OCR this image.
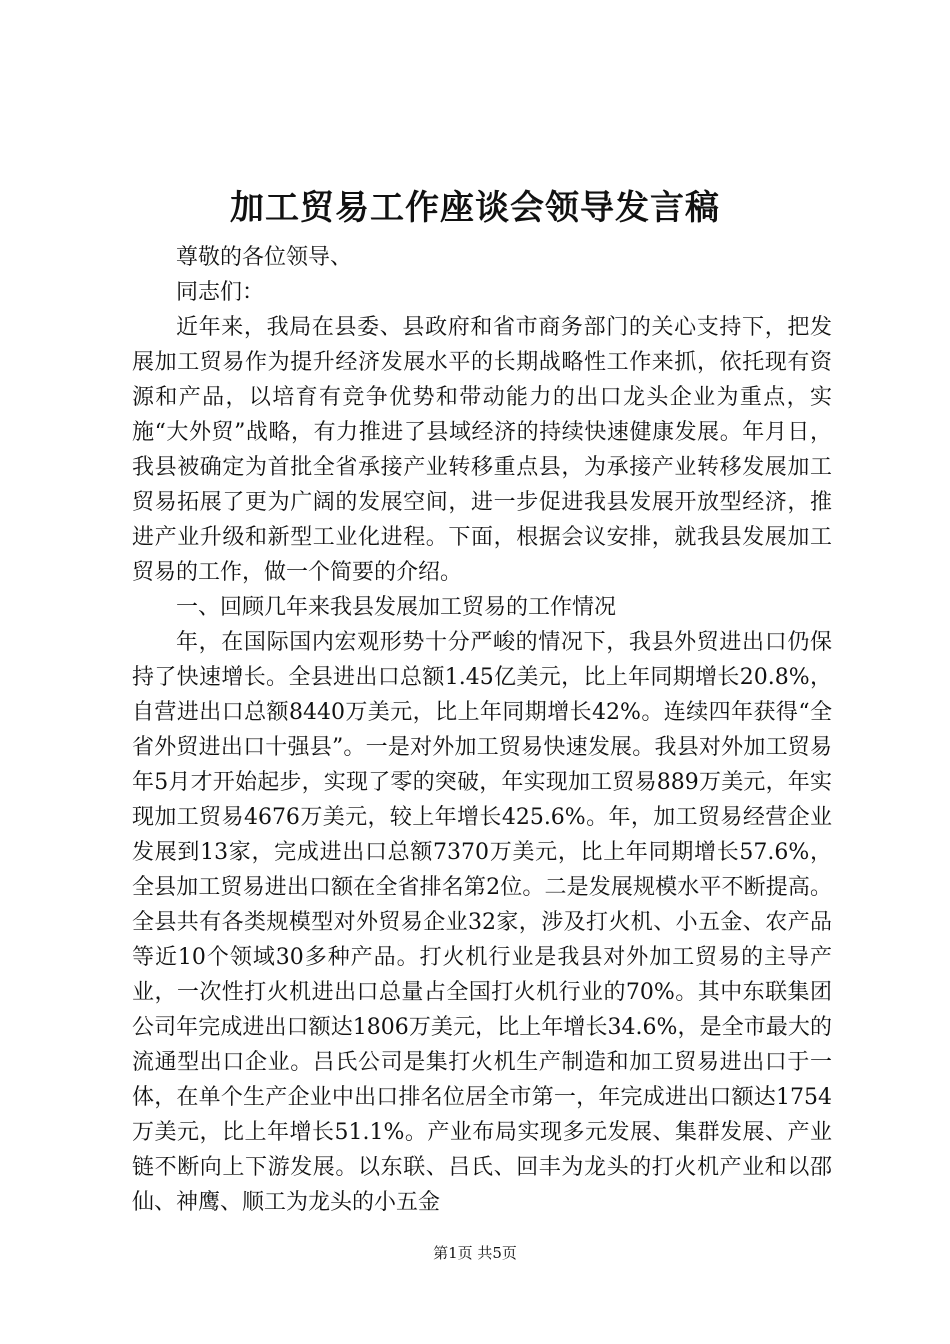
加工贸易工作座谈会领导发言稿

尊敬的各位领导、

同志们：

近年来，我局在县委、县政府和省市商务部门的关心支持下，把发展加工贸易作为提升经济发展水平的长期战略性工作来抓，依托现有资源和产品，以培育有竞争优势和带动能力的出口龙头企业为重点，实施“大外贸”战略，有力推进了县域经济的持续快速健康发展。年月日，我县被确定为首批全省承接产业转移重点县，为承接产业转移发展加工贸易拓展了更为广阔的发展空间，进一步促进我县发展开放型经济，推进产业升级和新型工业化进程。下面，根据会议安排，就我县发展加工贸易的工作，做一个简要的介绍。

一、回顾几年来我县发展加工贸易的工作情况

年，在国际国内宏观形势十分严峻的情况下，我县外贸进出口仍保持了快速增长。全县进出口总额1.45亿美元，比上年同期增长20.8%，自营进出口总额8440万美元，比上年同期增长42%。连续四年获得“全省外贸进出口十强县”。一是对外加工贸易快速发展。我县对外加工贸易年5月才开始起步，实现了零的突破，年实现加工贸易889万美元，年实现加工贸易4676万美元，较上年增长425.6%。年，加工贸易经营企业发展到13家，完成进出口总额7370万美元，比上年同期增长57.6%，全县加工贸易进出口额在全省排名第2位。二是发展规模水平不断提高。全县共有各类规模型对外贸易企业32家，涉及打火机、小五金、农产品等近10个领域30多种产品。打火机行业是我县对外加工贸易的主导产业，一次性打火机进出口总量占全国打火机行业的70%。其中东联集团公司年完成进出口额达1806万美元，比上年增长34.6%，是全市最大的流通型出口企业。吕氏公司是集打火机生产制造和加工贸易进出口于一体，在单个生产企业中出口排名位居全市第一，年完成进出口额达1754万美元，比上年增长51.1%。产业布局实现多元发展、集群发展、产业链不断向上下游发展。以东联、吕氏、回丰为龙头的打火机产业和以邵仙、神鹰、顺工为龙头的小五金

第1页 共5页
